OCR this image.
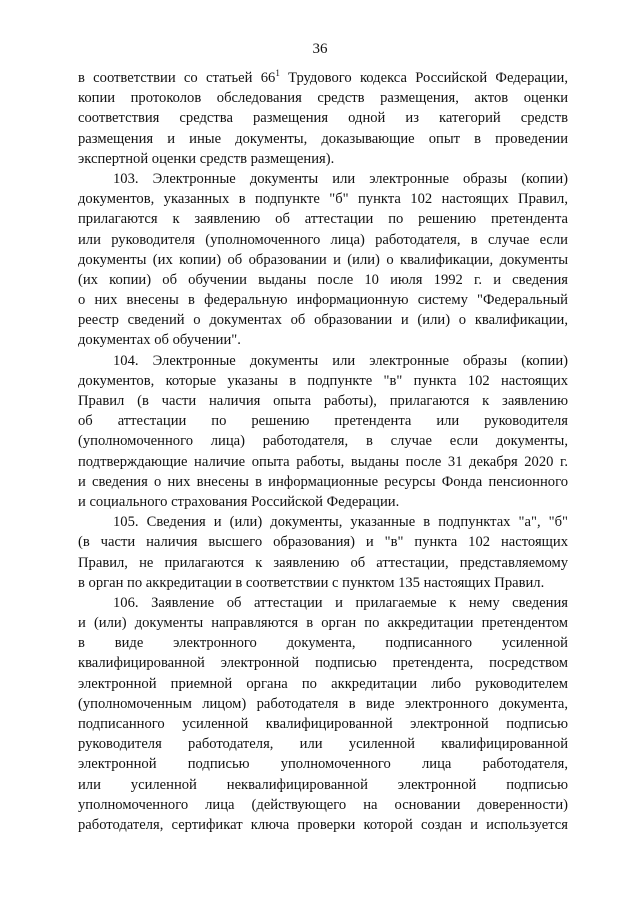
36
в соответствии со статьей $66^1$ Трудового кодекса Российской Федерации,
копии протоколов обследования средств размещения, актов оценки
соответствия средства размещения одной из категорий средств
размещения и иные документы, доказывающие опыт в проведении
экспертной оценки средств размещения).
103. Электронные документы или электронные образы (копии)
документов, указанных в подпункте "б" пункта 102 настоящих Правил,
прилагаются к заявлению об аттестации по решению претендента
или руководителя (уполномоченного лица) работодателя, в случае если
документы (их копии) об образовании и (или) о квалификации, документы
(их копии) об обучении выданы после 10 июля 1992 г. и сведения
о них внесены в федеральную информационную систему "Федеральный
реестр сведений о документах об образовании и (или) о квалификации,
документах об обучении".
104. Электронные документы или электронные образы (копии)
документов, которые указаны в подпункте "в" пункта 102 настоящих
Правил (в части наличия опыта работы), прилагаются к заявлению
об аттестации по решению претендента или руководителя
(уполномоченного лица) работодателя, в случае если документы,
подтверждающие наличие опыта работы, выданы после 31 декабря 2020 г.
и сведения о них внесены в информационные ресурсы Фонда пенсионного
и социального страхования Российской Федерации.
105. Сведения и (или) документы, указанные в подпунктах "а", "б"
(в части наличия высшего образования) и "в" пункта 102 настоящих
Правил, не прилагаются к заявлению об аттестации, представляемому
в орган по аккредитации в соответствии с пунктом 135 настоящих Правил.
106. Заявление об аттестации и прилагаемые к нему сведения
и (или) документы направляются в орган по аккредитации претендентом
в виде электронного документа, подписанного усиленной
квалифицированной электронной подписью претендента, посредством
электронной приемной органа по аккредитации либо руководителем
(уполномоченным лицом) работодателя в виде электронного документа,
подписанного усиленной квалифицированной электронной подписью
руководителя работодателя, или усиленной квалифицированной
электронной подписью уполномоченного лица работодателя,
или усиленной неквалифицированной электронной подписью
уполномоченного лица (действующего на основании доверенности)
работодателя, сертификат ключа проверки которой создан и используется
